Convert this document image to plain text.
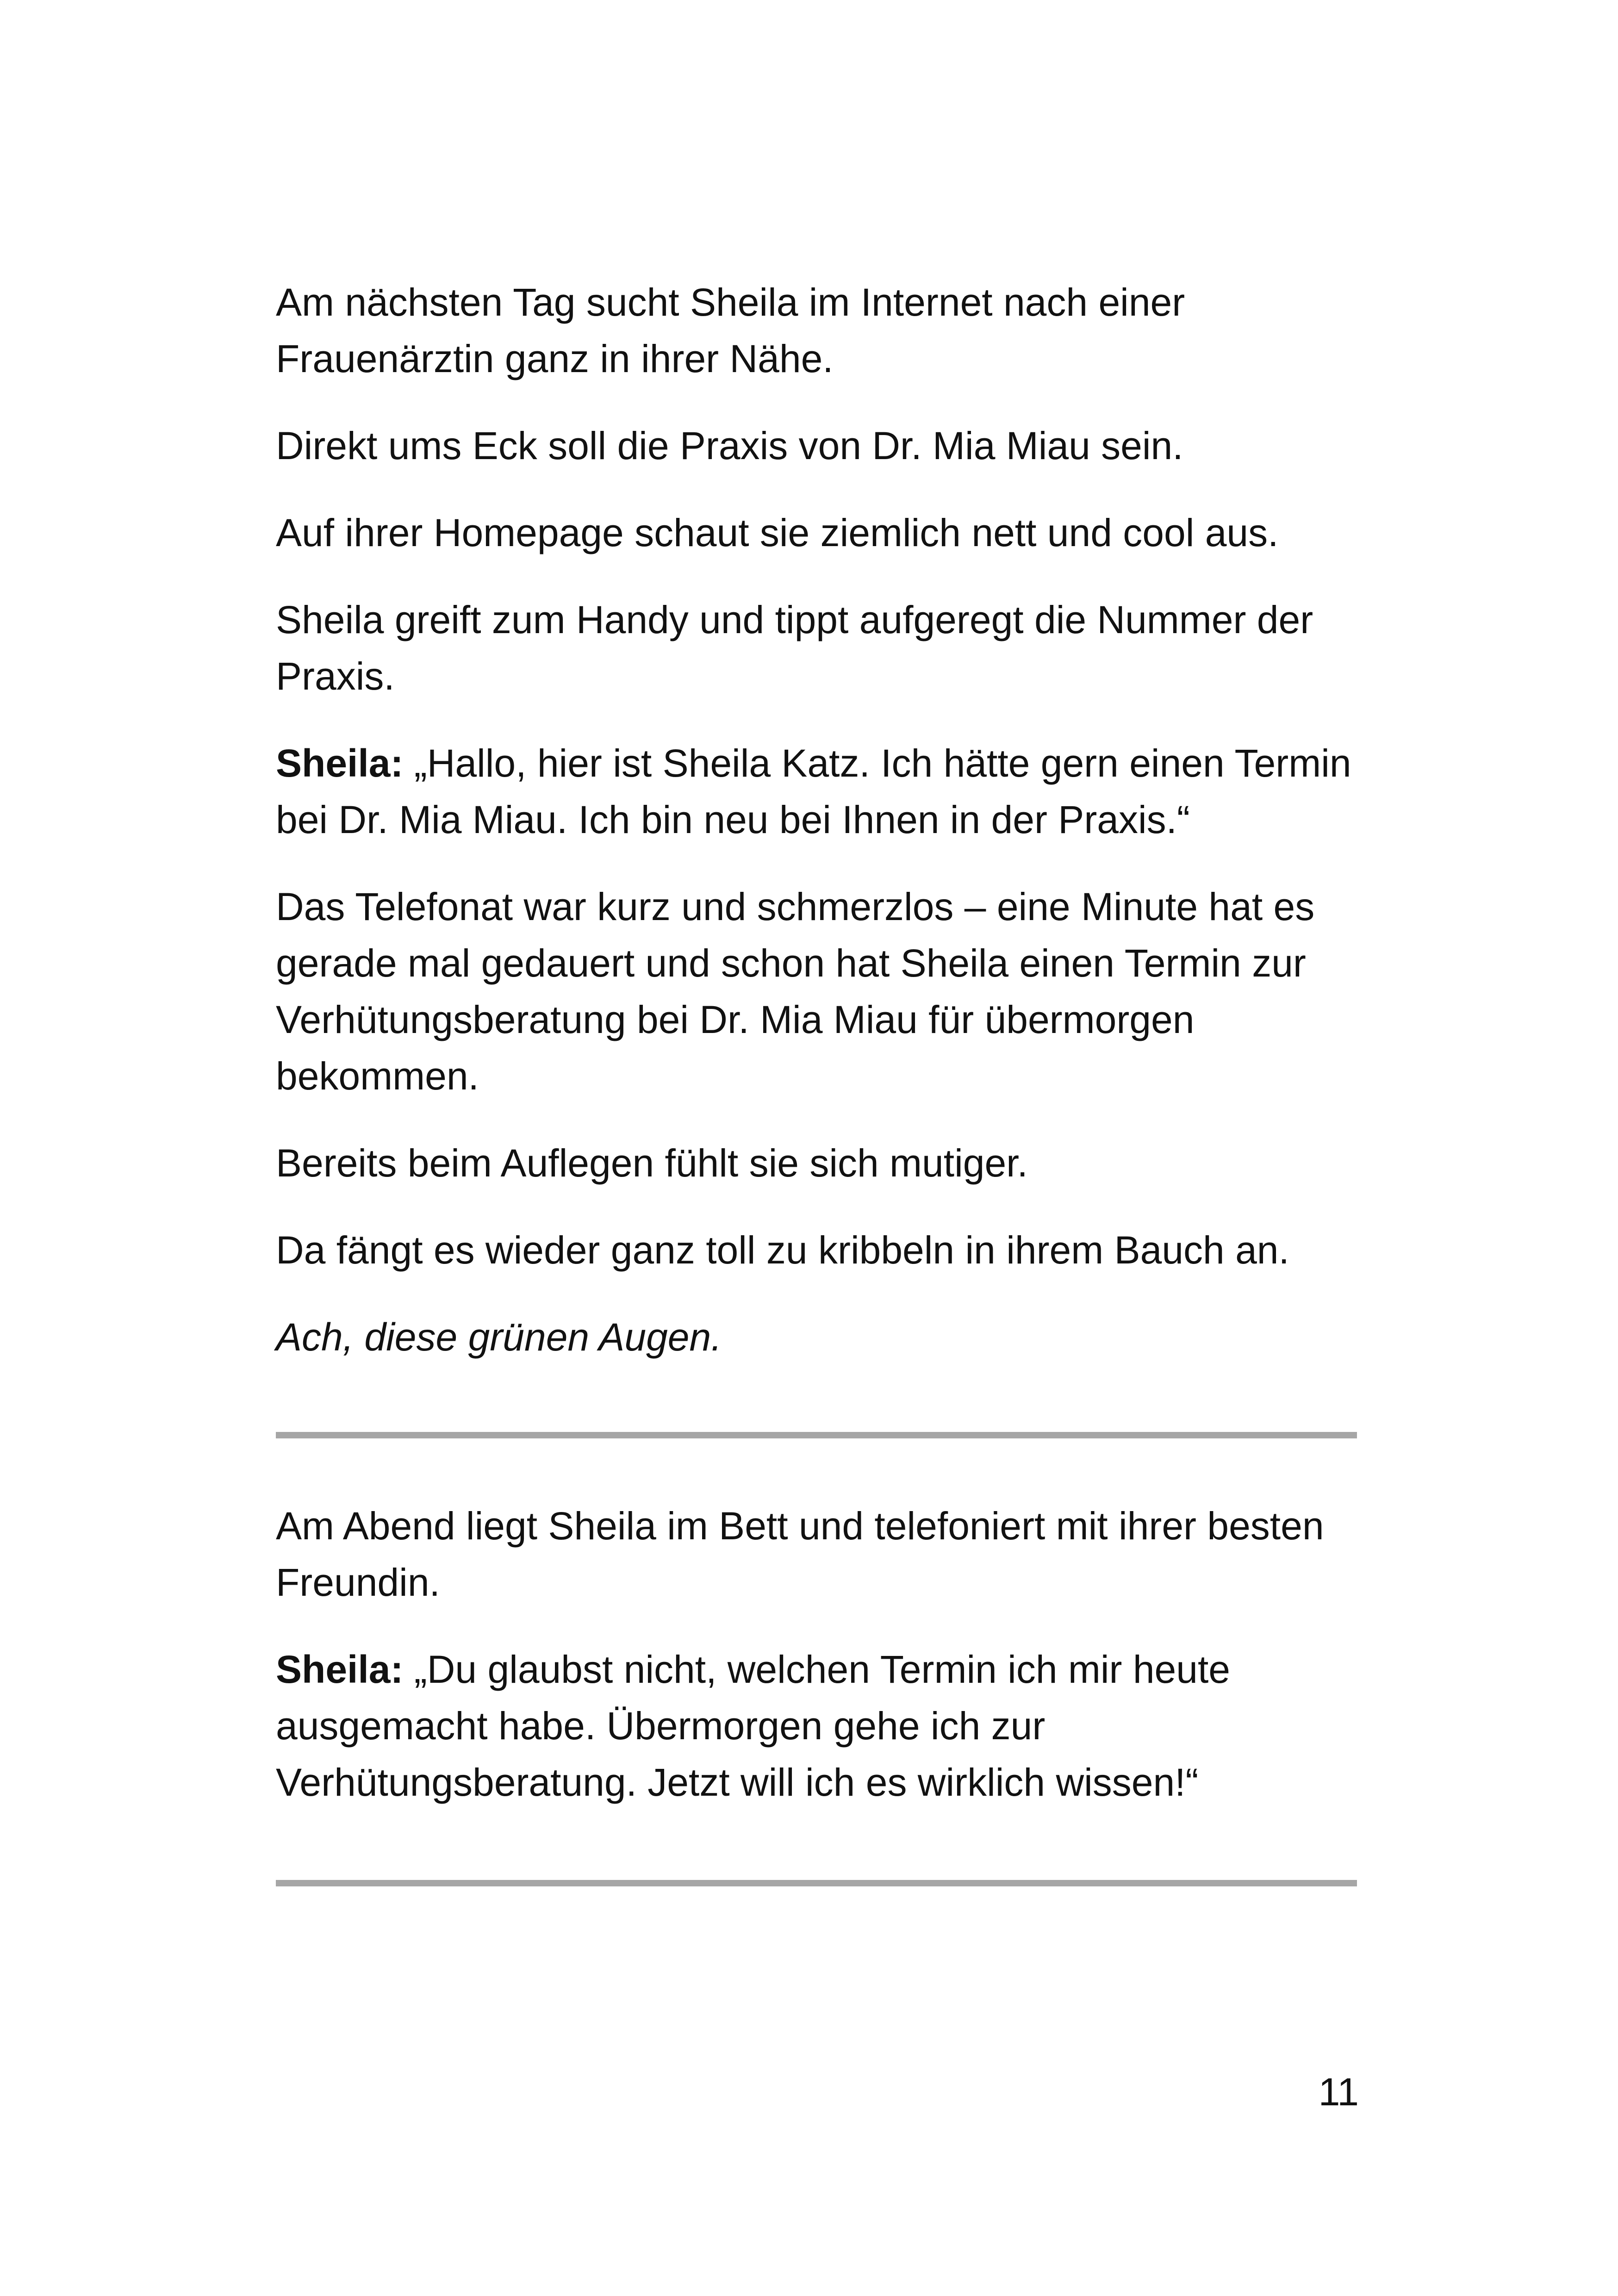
Am nächsten Tag sucht Sheila im Internet nach einer Frauenärztin ganz in ihrer Nähe.

Direkt ums Eck soll die Praxis von Dr. Mia Miau sein.

Auf ihrer Homepage schaut sie ziemlich nett und cool aus.

Sheila greift zum Handy und tippt aufgeregt die Nummer der Praxis.

Sheila: „Hallo, hier ist Sheila Katz. Ich hätte gern einen Termin bei Dr. Mia Miau. Ich bin neu bei Ihnen in der Praxis.“

Das Telefonat war kurz und schmerzlos – eine Minute hat es gerade mal gedauert und schon hat Sheila einen Termin zur Verhütungsberatung bei Dr. Mia Miau für übermorgen bekommen.

Bereits beim Auflegen fühlt sie sich mutiger.

Da fängt es wieder ganz toll zu kribbeln in ihrem Bauch an.

Ach, diese grünen Augen.

Am Abend liegt Sheila im Bett und telefoniert mit ihrer besten Freundin.

Sheila: „Du glaubst nicht, welchen Termin ich mir heute ausgemacht habe. Übermorgen gehe ich zur Verhütungsberatung. Jetzt will ich es wirklich wissen!“

11
